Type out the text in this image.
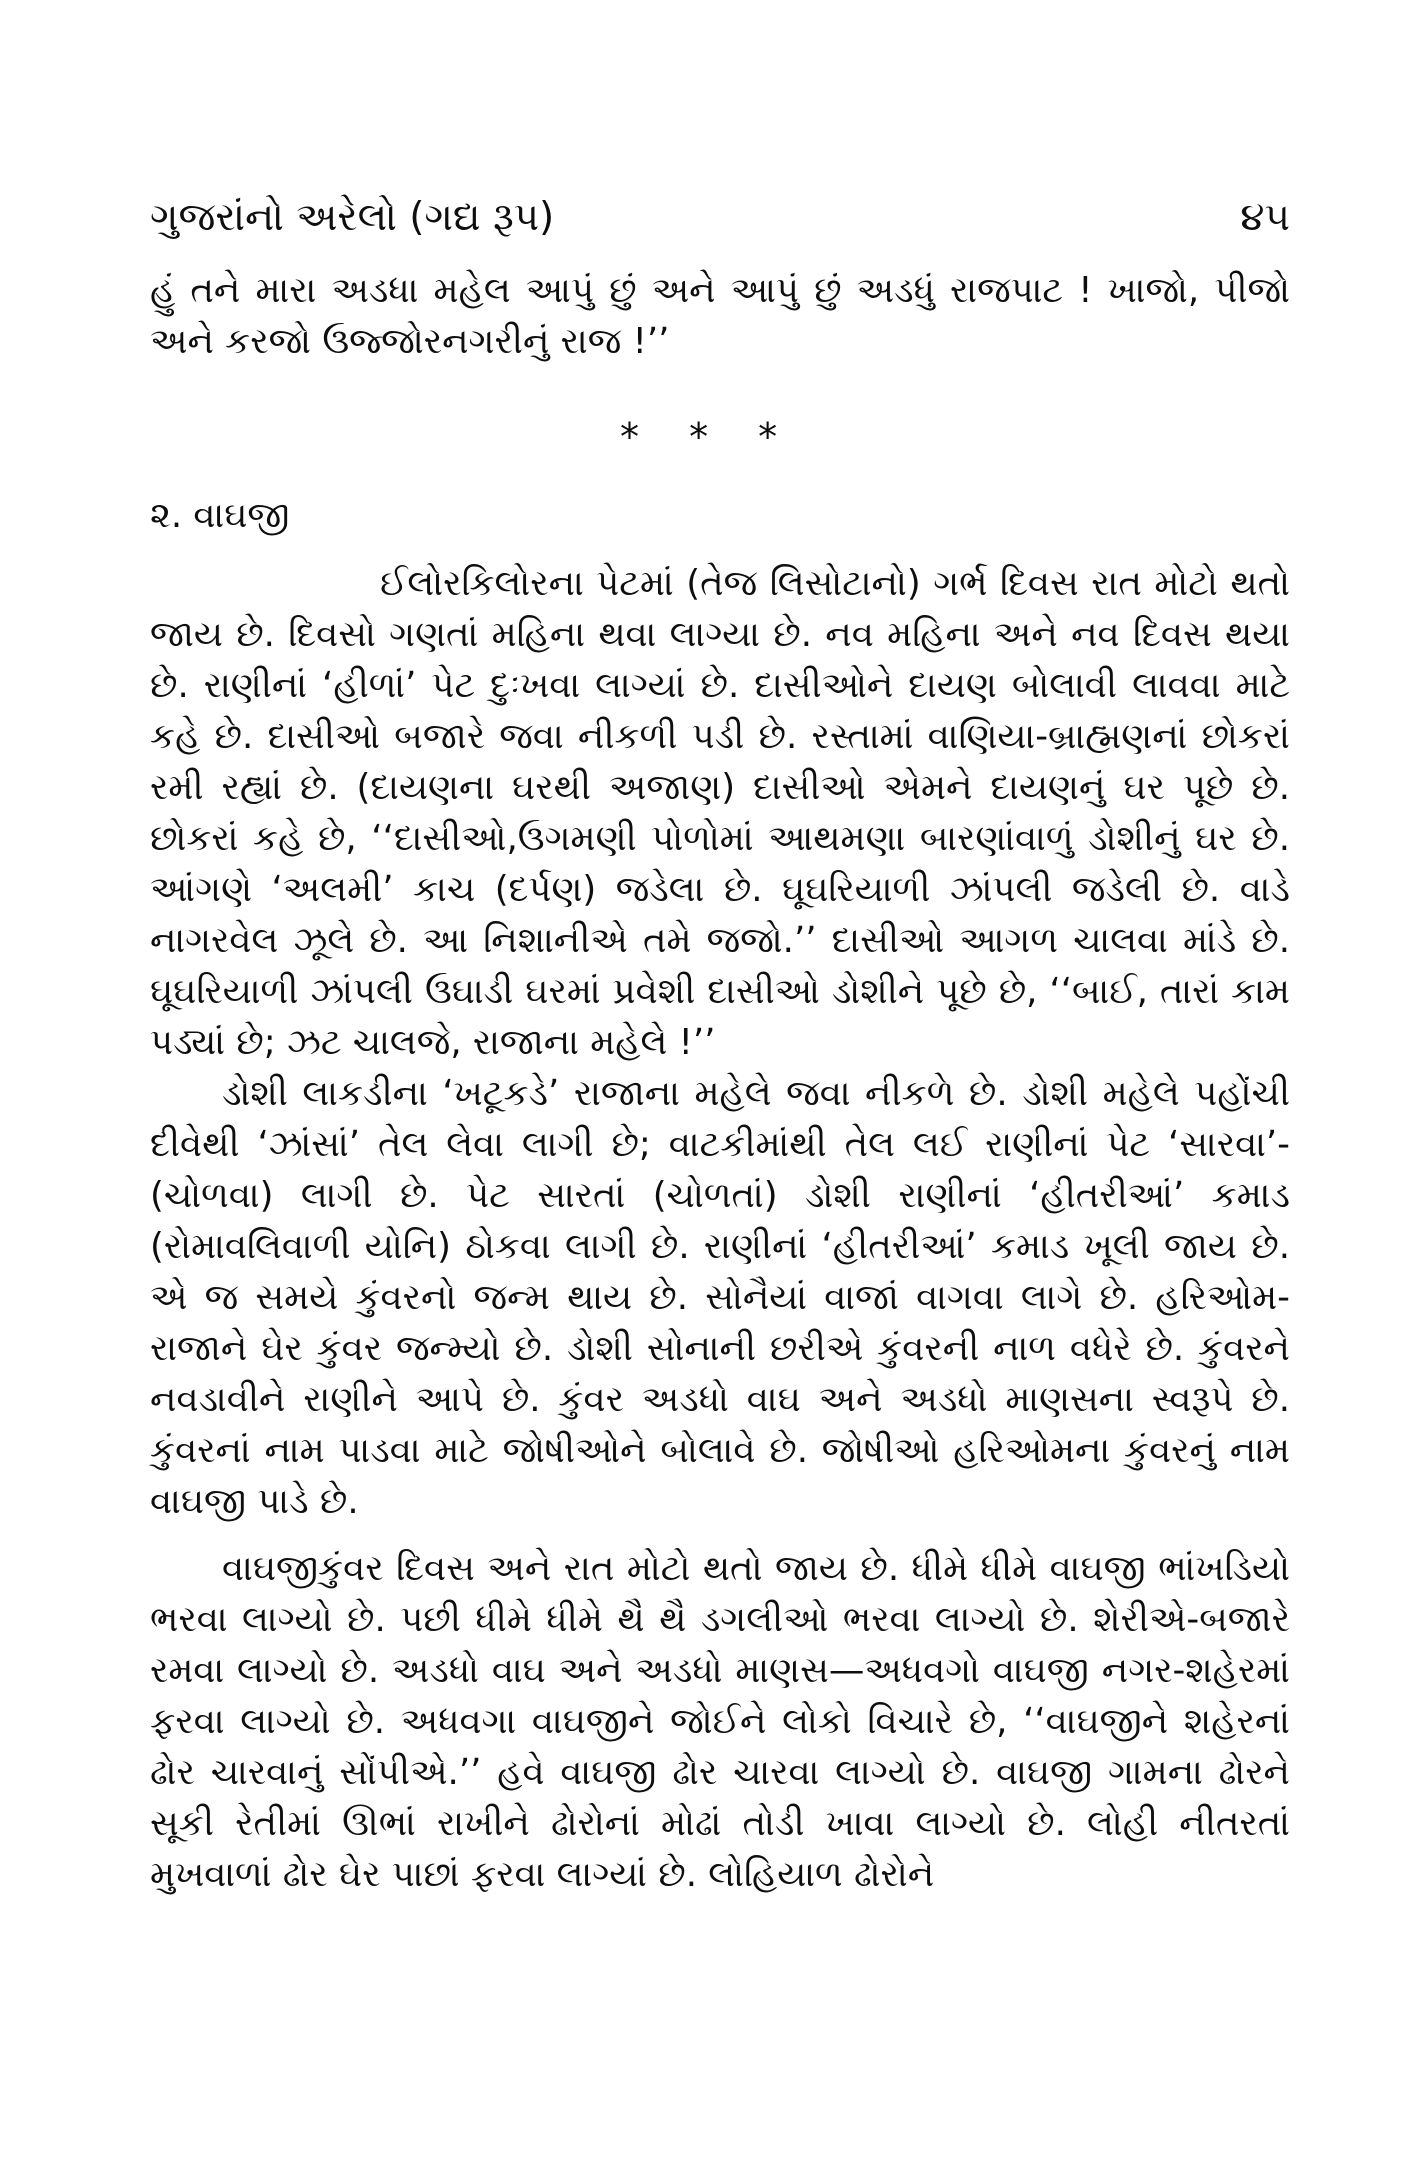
ગુજરાંનો અરેલો (ગદ્ય રૂપ)	૪૫

હું તને મારા અડધા મહેલ આપું છું અને આપું છું અડધું રાજપાટ ! ખાજો, પીજો અને કરજો ઉજ્જોરનગરીનું રાજ !’’

* * *
૨. વાઘજી

ઈલોરકિલોરના પેટમાં (તેજ લિસોટાનો) ગર્ભ દિવસ રાત મોટો થતો જાય છે. દિવસો ગણતાં મહિના થવા લાગ્યા છે. નવ મહિના અને નવ દિવસ થયા છે. રાણીનાં ‘હીળાં’ પેટ દુઃખવા લાગ્યાં છે. દાસીઓને દાયણ બોલાવી લાવવા માટે કહે છે. દાસીઓ બજારે જવા નીકળી પડી છે. રસ્તામાં વાણિયા-બ્રાહ્મણનાં છોકરાં રમી રહ્યાં છે. (દાયણના ઘરથી અજાણ) દાસીઓ એમને દાયણનું ઘર પૂછે છે. છોકરાં કહે છે, ‘‘દાસીઓ,ઉગમણી પોળોમાં આથમણા બારણાંવાળું ડોશીનું ઘર છે. આંગણે ‘અલમી’ કાચ (દર્પણ) જડેલા છે. ઘૂઘરિયાળી ઝાંપલી જડેલી છે. વાડે નાગરવેલ ઝૂલે છે. આ નિશાનીએ તમે જજો.’’ દાસીઓ આગળ ચાલવા માંડે છે. ઘૂઘરિયાળી ઝાંપલી ઉઘાડી ઘરમાં પ્રવેશી દાસીઓ ડોશીને પૂછે છે, ‘‘બાઈ, તારાં કામ પડ્યાં છે; ઝટ ચાલજે, રાજાના મહેલે !’’

ડોશી લાકડીના ‘ખટૂકડે’ રાજાના મહેલે જવા નીકળે છે. ડોશી મહેલે પહોંચી દીવેથી ‘ઝાંસાં’ તેલ લેવા લાગી છે; વાટકીમાંથી તેલ લઈ રાણીનાં પેટ ‘સારવા’-(ચોળવા) લાગી છે. પેટ સારતાં (ચોળતાં) ડોશી રાણીનાં ‘હીતરીઆં’ કમાડ (રોમાવલિવાળી યોનિ) ઠોકવા લાગી છે. રાણીનાં ‘હીતરીઆં’ કમાડ ખૂલી જાય છે. એ જ સમયે કુંવરનો જન્મ થાય છે. સોનૈયાં વાજાં વાગવા લાગે છે. હરિઓમ-રાજાને ઘેર કુંવર જન્મ્યો છે. ડોશી સોનાની છરીએ કુંવરની નાળ વધેરે છે. કુંવરને નવડાવીને રાણીને આપે છે. કુંવર અડધો વાઘ અને અડધો માણસના સ્વરૂપે છે. કુંવરનાં નામ પાડવા માટે જોષીઓને બોલાવે છે. જોષીઓ હરિઓમના કુંવરનું નામ વાઘજી પાડે છે.

વાઘજીકુંવર દિવસ અને રાત મોટો થતો જાય છે. ધીમે ધીમે વાઘજી ભાંખડિયો ભરવા લાગ્યો છે. પછી ધીમે ધીમે થૈ થૈ ડગલીઓ ભરવા લાગ્યો છે. શેરીએ-બજારે રમવા લાગ્યો છે. અડધો વાઘ અને અડધો માણસ—અધવગો વાઘજી નગર-શહેરમાં ફરવા લાગ્યો છે. અધવગા વાઘજીને જોઈને લોકો વિચારે છે, ‘‘વાઘજીને શહેરનાં ઢોર ચારવાનું સોંપીએ.’’ હવે વાઘજી ઢોર ચારવા લાગ્યો છે. વાઘજી ગામના ઢોરને સૂકી રેતીમાં ઊભાં રાખીને ઢોરોનાં મોઢાં તોડી ખાવા લાગ્યો છે. લોહી નીતરતાં મુખવાળાં ઢોર ઘેર પાછાં ફરવા લાગ્યાં છે. લોહિયાળ ઢોરોને
